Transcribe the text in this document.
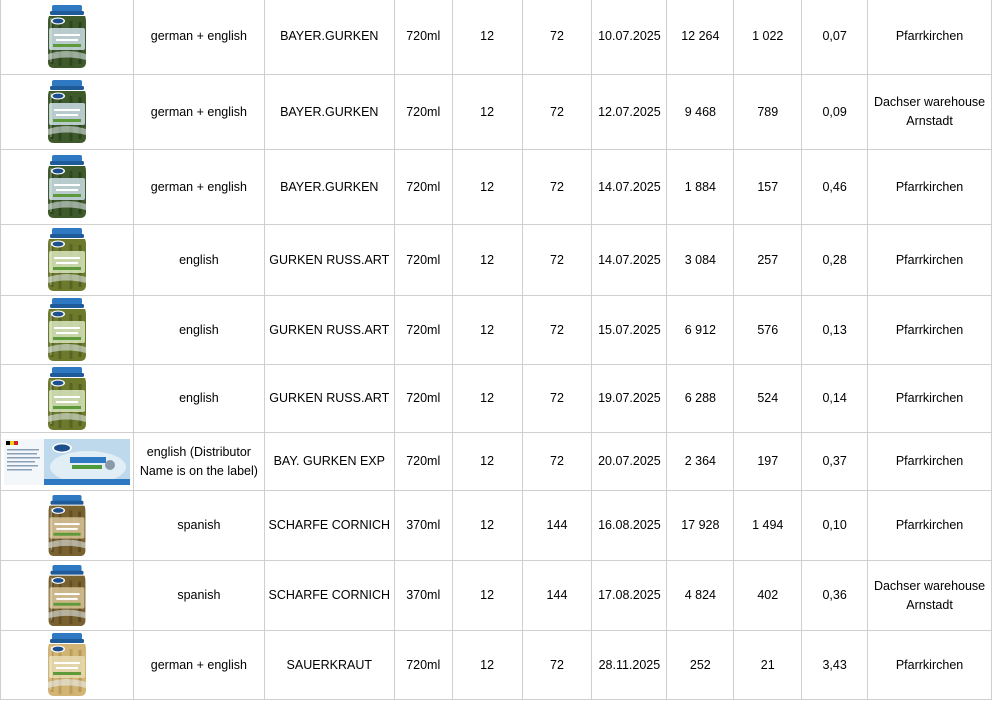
	german + english	BAYER.GURKEN	720ml	12	72	10.07.2025	12 264	1 022	0,07	Pfarrkirchen
	german + english	BAYER.GURKEN	720ml	12	72	12.07.2025	9 468	789	0,09	Dachser warehouse Arnstadt
	german + english	BAYER.GURKEN	720ml	12	72	14.07.2025	1 884	157	0,46	Pfarrkirchen
	english	GURKEN RUSS.ART	720ml	12	72	14.07.2025	3 084	257	0,28	Pfarrkirchen
	english	GURKEN RUSS.ART	720ml	12	72	15.07.2025	6 912	576	0,13	Pfarrkirchen
	english	GURKEN RUSS.ART	720ml	12	72	19.07.2025	6 288	524	0,14	Pfarrkirchen
	english (Distributor Name is on the label)	BAY. GURKEN EXP	720ml	12	72	20.07.2025	2 364	197	0,37	Pfarrkirchen
	spanish	SCHARFE CORNICH	370ml	12	144	16.08.2025	17 928	1 494	0,10	Pfarrkirchen
	spanish	SCHARFE CORNICH	370ml	12	144	17.08.2025	4 824	402	0,36	Dachser warehouse Arnstadt
	german + english	SAUERKRAUT	720ml	12	72	28.11.2025	252	21	3,43	Pfarrkirchen
